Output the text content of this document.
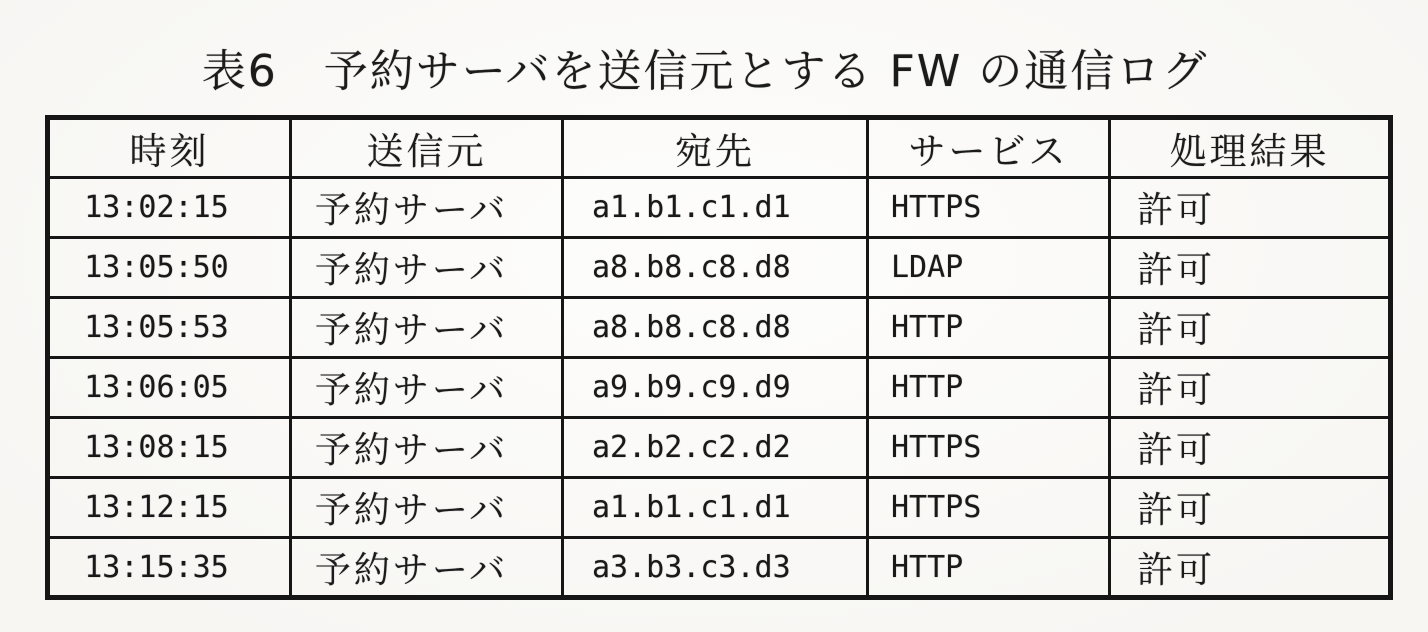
表6　予約サーバを送信元とする FW の通信ログ
時刻	送信元	宛先	サービス	処理結果
13:02:15	予約サーバ	a1.b1.c1.d1	HTTPS	許可
13:05:50	予約サーバ	a8.b8.c8.d8	LDAP	許可
13:05:53	予約サーバ	a8.b8.c8.d8	HTTP	許可
13:06:05	予約サーバ	a9.b9.c9.d9	HTTP	許可
13:08:15	予約サーバ	a2.b2.c2.d2	HTTPS	許可
13:12:15	予約サーバ	a1.b1.c1.d1	HTTPS	許可
13:15:35	予約サーバ	a3.b3.c3.d3	HTTP	許可
